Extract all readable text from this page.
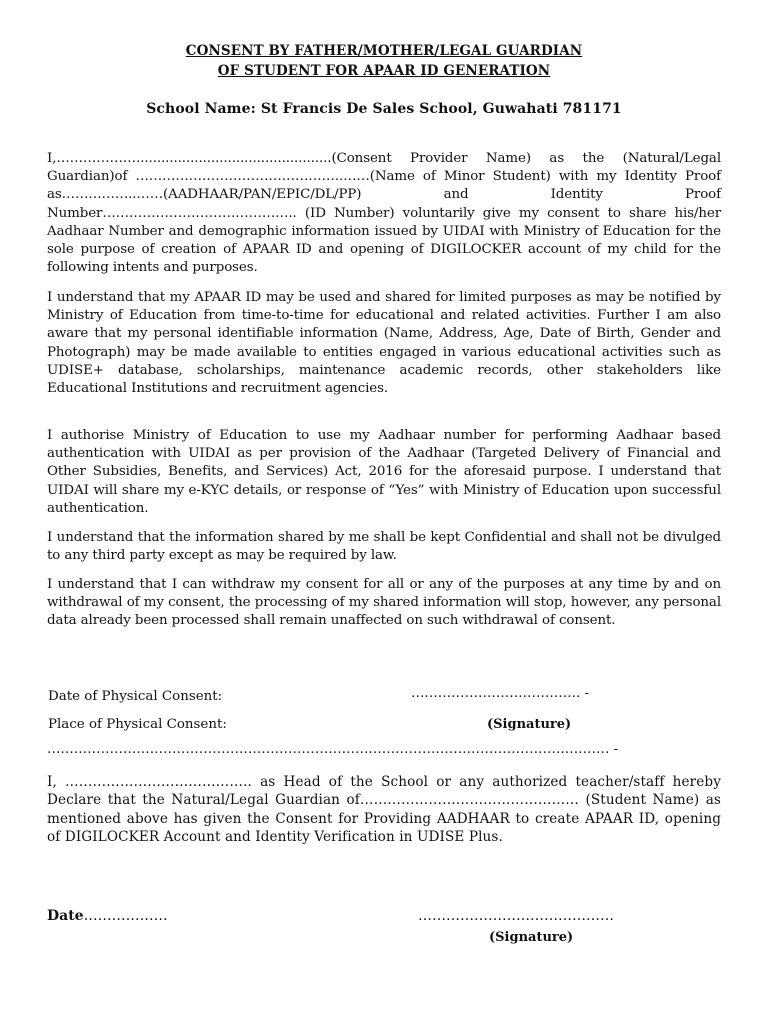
CONSENT BY FATHER/MOTHER/LEGAL GUARDIAN
OF STUDENT FOR APAAR ID GENERATION
School Name: St Francis De Sales School, Guwahati 781171
I,………………...............................................(Consent Provider Name) as the (Natural/Legal Guardian)of ………………………………………..……(Name of Minor Student) with my Identity Proof as……………..……(AADHAAR/PAN/EPIC/DL/PP) and Identity Proof Number…………………………………….. (ID Number) voluntarily give my consent to share his/her Aadhaar Number and demographic information issued by UIDAI with Ministry of Education for the sole purpose of creation of APAAR ID and opening of DIGILOCKER account of my child for the following intents and purposes.
I understand that my APAAR ID may be used and shared for limited purposes as may be notified by Ministry of Education from time-to-time for educational and related activities. Further I am also aware that my personal identifiable information (Name, Address, Age, Date of Birth, Gender and Photograph) may be made available to entities engaged in various educational activities such as UDISE+ database, scholarships, maintenance academic records, other stakeholders like Educational Institutions and recruitment agencies.
I authorise Ministry of Education to use my Aadhaar number for performing Aadhaar based authentication with UIDAI as per provision of the Aadhaar (Targeted Delivery of Financial and Other Subsidies, Benefits, and Services) Act, 2016 for the aforesaid purpose. I understand that UIDAI will share my e-KYC details, or response of “Yes” with Ministry of Education upon successful authentication.
I understand that the information shared by me shall be kept Confidential and shall not be divulged to any third party except as may be required by law.
I understand that I can withdraw my consent for all or any of the purposes at any time by and on withdrawal of my consent, the processing of my shared information will stop, however, any personal data already been processed shall remain unaffected on such withdrawal of consent.
Date of Physical Consent:	……………………………….. -
Place of Physical Consent:	(Signature)
……………………………………………………………………………………………………………… -
I, ………………………………….. as Head of the School or any authorized teacher/staff hereby Declare that the Natural/Legal Guardian of………………………………………… (Student Name) as mentioned above has given the Consent for Providing AADHAAR to create APAAR ID, opening of DIGILOCKER Account and Identity Verification in UDISE Plus.
Date………………	……………………………………
(Signature)
